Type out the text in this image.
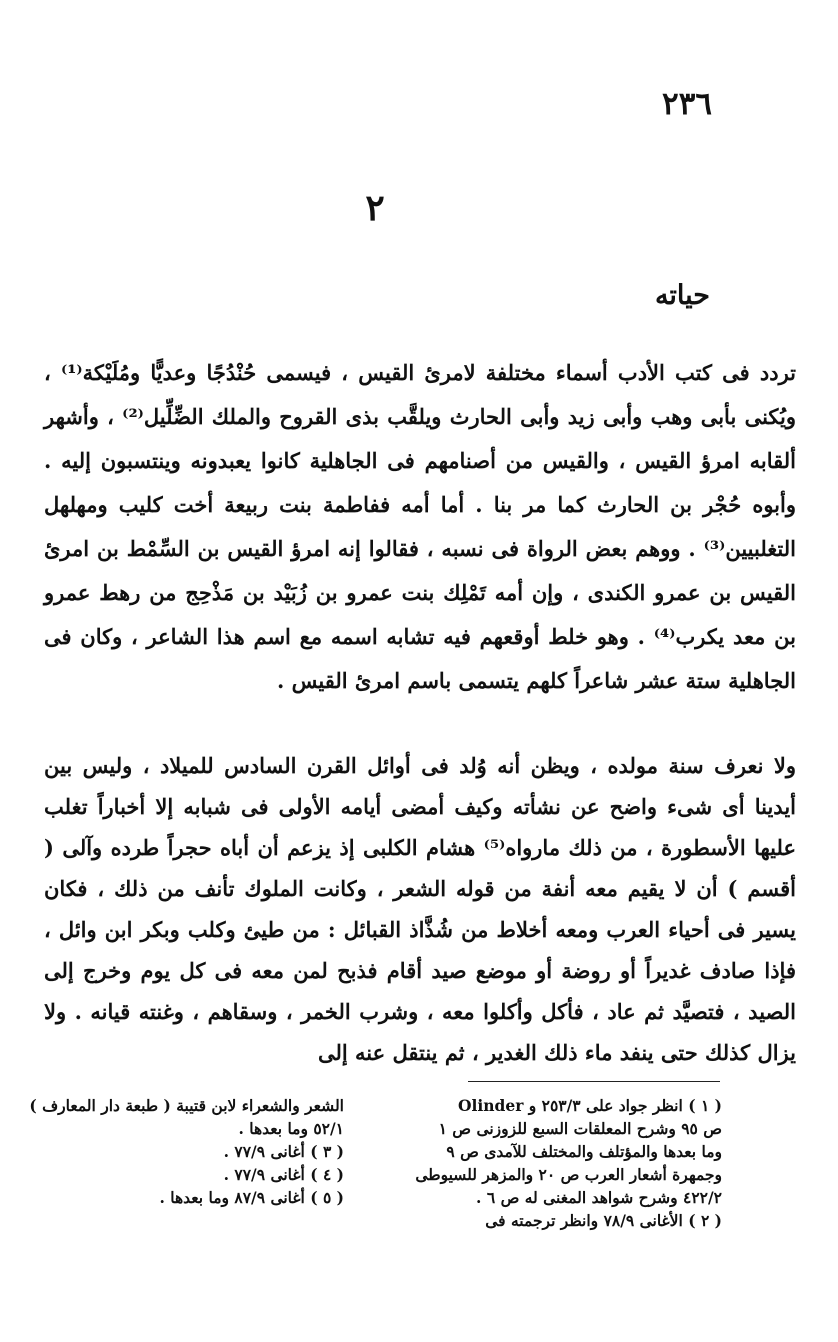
٢٣٦
٢
حياته

تردد فى كتب الأدب أسماء مختلفة لامرئ القيس ، فيسمى حُنْدُجًا وعديًّا ومُلَيْكة⁽¹⁾ ، ويُكنى بأبى وهب وأبى زيد وأبى الحارث ويلقَّب بذى القروح والملك الضِّلِّيل⁽²⁾ ، وأشهر ألقابه امرؤ القيس ، والقيس من أصنامهم فى الجاهلية كانوا يعبدونه وينتسبون إليه . وأبوه حُجْر بن الحارث كما مر بنا . أما أمه ففاطمة بنت ربيعة أخت كليب ومهلهل التغلبيين⁽³⁾ . ووهم بعض الرواة فى نسبه ، فقالوا إنه امرؤ القيس بن السِّمْط بن امرئ القيس بن عمرو الكندى ، وإن أمه تَمْلِك بنت عمرو بن زُبَيْد بن مَذْحِج من رهط عمرو بن معد يكرب⁽⁴⁾ . وهو خلط أوقعهم فيه تشابه اسمه مع اسم هذا الشاعر ، وكان فى الجاهلية ستة عشر شاعراً كلهم يتسمى باسم امرئ القيس .

ولا نعرف سنة مولده ، ويظن أنه وُلد فى أوائل القرن السادس للميلاد ، وليس بين أيدينا أى شىء واضح عن نشأته وكيف أمضى أيامه الأولى فى شبابه إلا أخباراً تغلب عليها الأسطورة ، من ذلك مارواه⁽⁵⁾ هشام الكلبى إذ يزعم أن أباه حجراً طرده وآلى ( أقسم ) أن لا يقيم معه أنفة من قوله الشعر ، وكانت الملوك تأنف من ذلك ، فكان يسير فى أحياء العرب ومعه أخلاط من شُذَّاذ القبائل : من طيئ وكلب وبكر ابن وائل ، فإذا صادف غديراً أو روضة أو موضع صيد أقام فذبح لمن معه فى كل يوم وخرج إلى الصيد ، فتصيَّد ثم عاد ، فأكل وأكلوا معه ، وشرب الخمر ، وسقاهم ، وغنته قيانه . ولا يزال كذلك حتى ينفد ماء ذلك الغدير ، ثم ينتقل عنه إلى

( ١ ) انظر جواد على ٢٥٣/٣ و Olinder
ص ٩٥ وشرح المعلقات السبع للزوزنى ص ١
وما بعدها والمؤتلف والمختلف للآمدى ص ٩
وجمهرة أشعار العرب ص ٢٠ والمزهر للسيوطى
٤٢٢/٢ وشرح شواهد المغنى له ص ٦ .
( ٢ ) الأغانى ٧٨/٩ وانظر ترجمته فى
الشعر والشعراء لابن قتيبة ( طبعة دار المعارف )
٥٢/١ وما بعدها .
( ٣ ) أغانى ٧٧/٩ .
( ٤ ) أغانى ٧٧/٩ .
( ٥ ) أغانى ٨٧/٩ وما بعدها .
